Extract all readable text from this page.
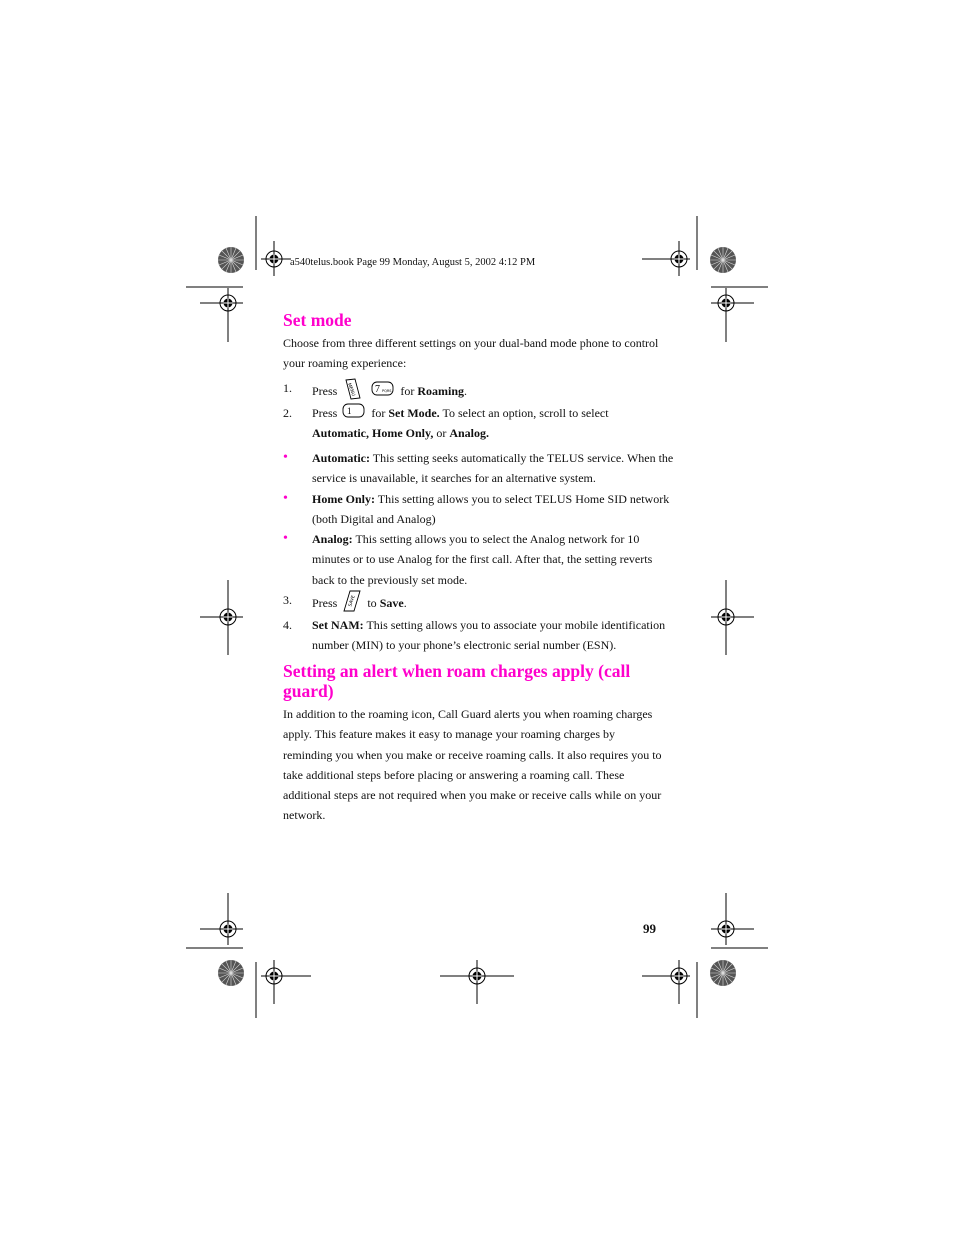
a540telus.book Page 99 Monday, August 5, 2002 4:12 PM
Set mode
Choose from three different settings on your dual-band mode phone to control
your roaming experience:
1.	Press MENU
7 PQRS for Roaming.
2.	Press 1 for Set Mode. To select an option, scroll to select
Automatic, Home Only, or Analog.
• Automatic: This setting seeks automatically the TELUS service. When the
service is unavailable, it searches for an alternative system.
• Home Only: This setting allows you to select TELUS Home SID network
(both Digital and Analog)
• Analog: This setting allows you to select the Analog network for 10
minutes or to use Analog for the first call. After that, the setting reverts
back to the previously set mode.
3.	Press	SAVE to Save.
4.	Set NAM: This setting allows you to associate your mobile identification
number (MIN) to your phone’s electronic serial number (ESN).
Setting an alert when roam charges apply (call guard)
In addition to the roaming icon, Call Guard alerts you when roaming charges
apply. This feature makes it easy to manage your roaming charges by
reminding you when you make or receive roaming calls. It also requires you to
take additional steps before placing or answering a roaming call. These
additional steps are not required when you make or receive calls while on your
network.
99
